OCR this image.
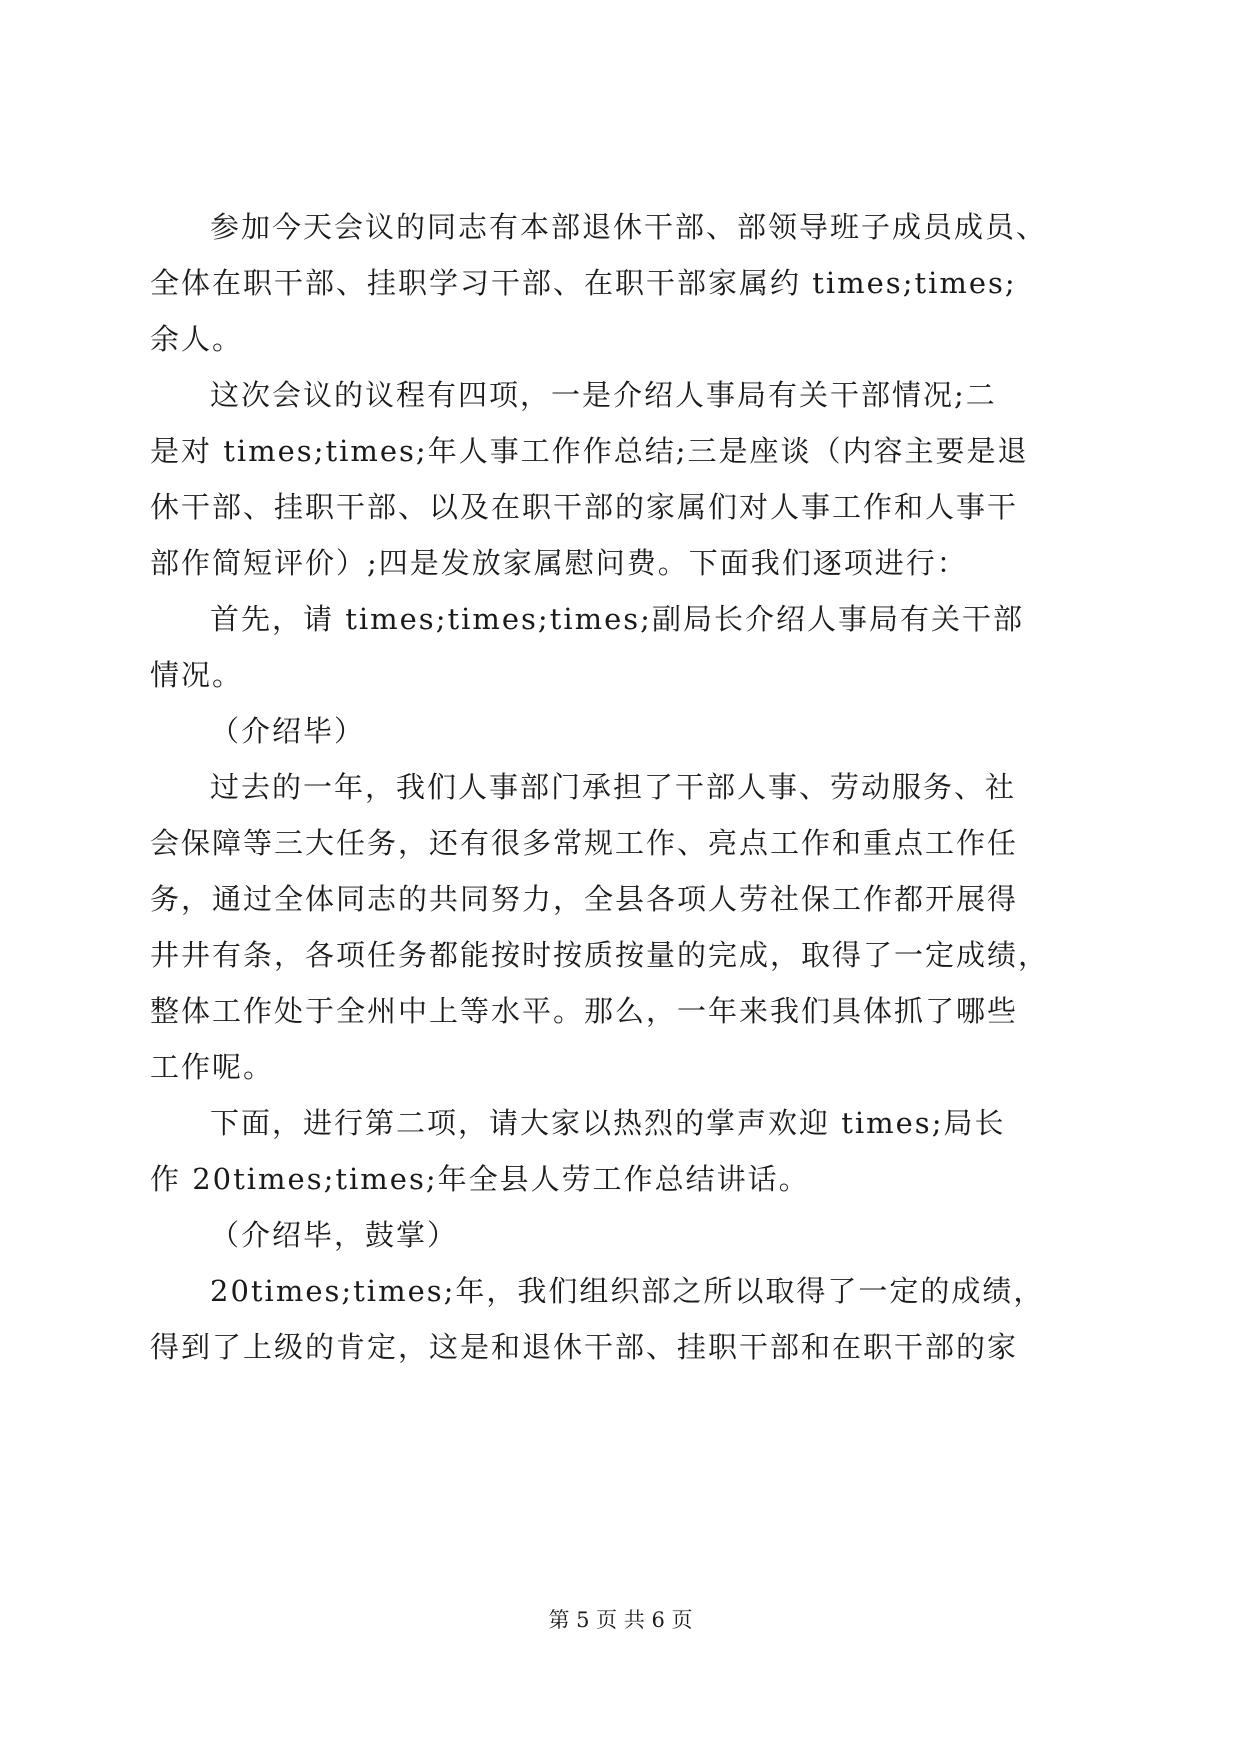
参加今天会议的同志有本部退休干部、部领导班子成员成员、
全体在职干部、挂职学习干部、在职干部家属约 times;times;
余人。
这次会议的议程有四项，一是介绍人事局有关干部情况;二
是对 times;times;年人事工作作总结;三是座谈（内容主要是退
休干部、挂职干部、以及在职干部的家属们对人事工作和人事干
部作简短评价）;四是发放家属慰问费。下面我们逐项进行：
首先，请 times;times;times;副局长介绍人事局有关干部
情况。
（介绍毕）
过去的一年，我们人事部门承担了干部人事、劳动服务、社
会保障等三大任务，还有很多常规工作、亮点工作和重点工作任
务，通过全体同志的共同努力，全县各项人劳社保工作都开展得
井井有条，各项任务都能按时按质按量的完成，取得了一定成绩，
整体工作处于全州中上等水平。那么，一年来我们具体抓了哪些
工作呢。
下面，进行第二项，请大家以热烈的掌声欢迎 times;局长
作 20times;times;年全县人劳工作总结讲话。
（介绍毕，鼓掌）
20times;times;年，我们组织部之所以取得了一定的成绩，
得到了上级的肯定，这是和退休干部、挂职干部和在职干部的家
第 5 页 共 6 页
